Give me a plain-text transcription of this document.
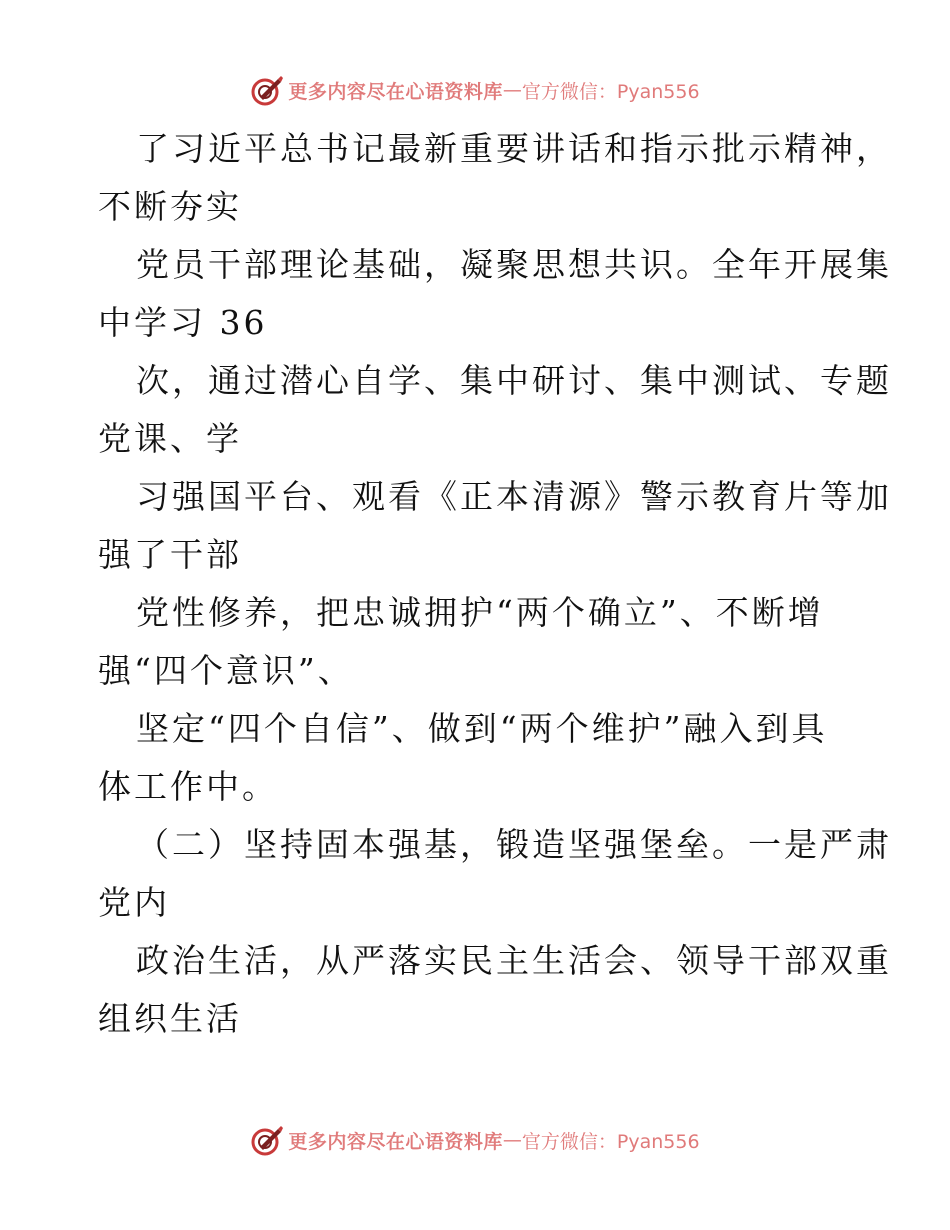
更多内容尽在心语资料库 — 官方微信：Pyan556
了习近平总书记最新重要讲话和指示批示精神，
不断夯实
党员干部理论基础，凝聚思想共识。全年开展集
中学习 36
次，通过潜心自学、集中研讨、集中测试、专题
党课、学
习强国平台、观看《正本清源》警示教育片等加
强了干部
党性修养，把忠诚拥护“两个确立”、不断增
强“四个意识”、
坚定“四个自信”、做到“两个维护”融入到具
体工作中。
（二）坚持固本强基，锻造坚强堡垒。一是严肃
党内
政治生活，从严落实民主生活会、领导干部双重
组织生活
更多内容尽在心语资料库 — 官方微信：Pyan556
